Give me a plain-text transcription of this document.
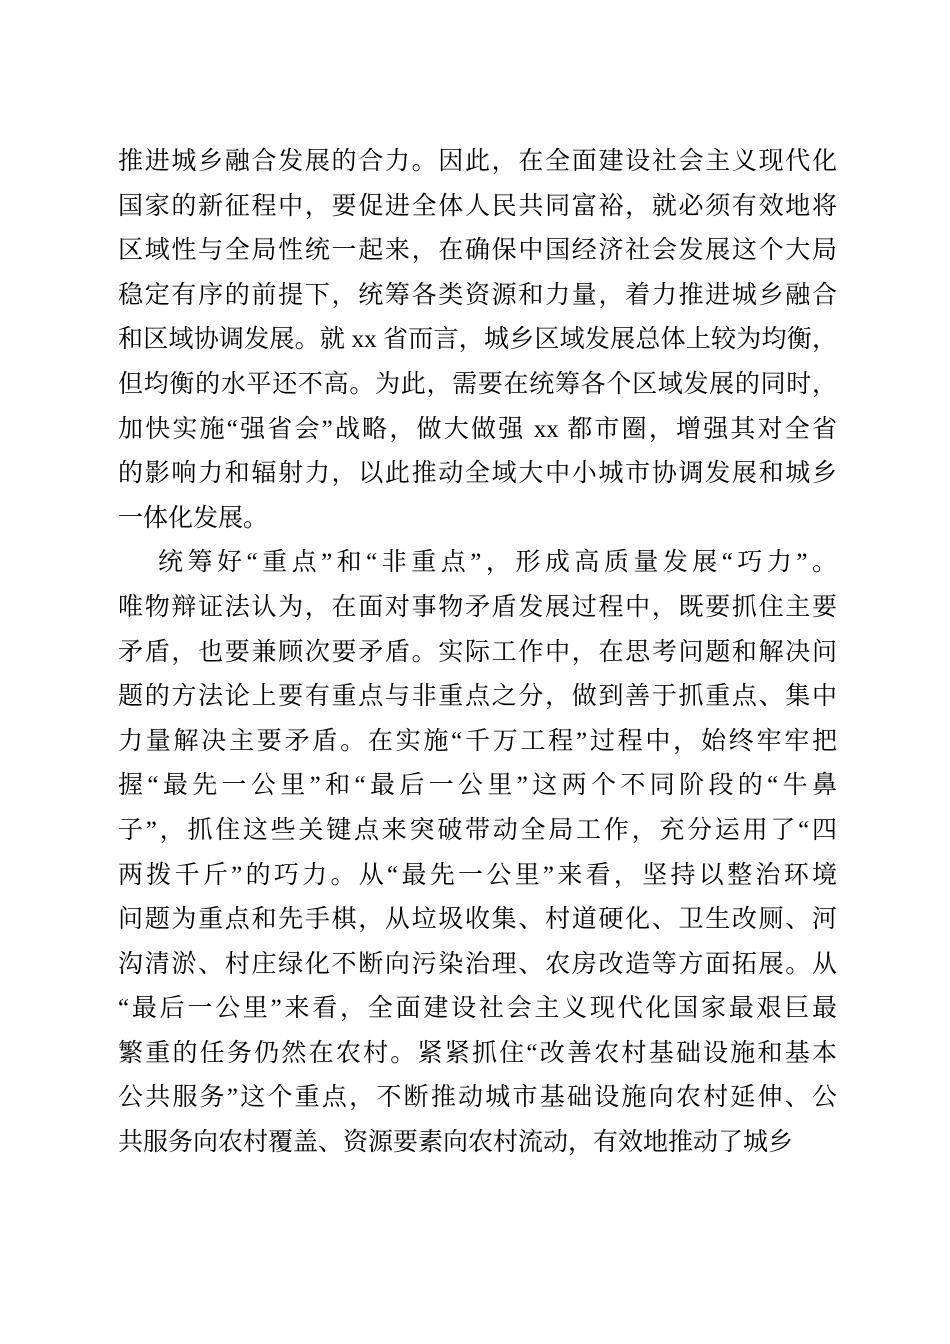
推进城乡融合发展的合力。因此，在全面建设社会主义现代化
国家的新征程中，要促进全体人民共同富裕，就必须有效地将
区域性与全局性统一起来，在确保中国经济社会发展这个大局
稳定有序的前提下，统筹各类资源和力量，着力推进城乡融合
和区域协调发展。就 xx 省而言，城乡区域发展总体上较为均衡，
但均衡的水平还不高。为此，需要在统筹各个区域发展的同时，
加快实施“强省会”战略，做大做强 xx 都市圈，增强其对全省
的影响力和辐射力，以此推动全域大中小城市协调发展和城乡
一体化发展。
统筹好“重点”和“非重点”，形成高质量发展“巧力”。
唯物辩证法认为，在面对事物矛盾发展过程中，既要抓住主要
矛盾，也要兼顾次要矛盾。实际工作中，在思考问题和解决问
题的方法论上要有重点与非重点之分，做到善于抓重点、集中
力量解决主要矛盾。在实施“千万工程”过程中，始终牢牢把
握“最先一公里”和“最后一公里”这两个不同阶段的“牛鼻
子”，抓住这些关键点来突破带动全局工作，充分运用了“四
两拨千斤”的巧力。从“最先一公里”来看，坚持以整治环境
问题为重点和先手棋，从垃圾收集、村道硬化、卫生改厕、河
沟清淤、村庄绿化不断向污染治理、农房改造等方面拓展。从
“最后一公里”来看，全面建设社会主义现代化国家最艰巨最
繁重的任务仍然在农村。紧紧抓住“改善农村基础设施和基本
公共服务”这个重点，不断推动城市基础设施向农村延伸、公
共服务向农村覆盖、资源要素向农村流动，有效地推动了城乡
